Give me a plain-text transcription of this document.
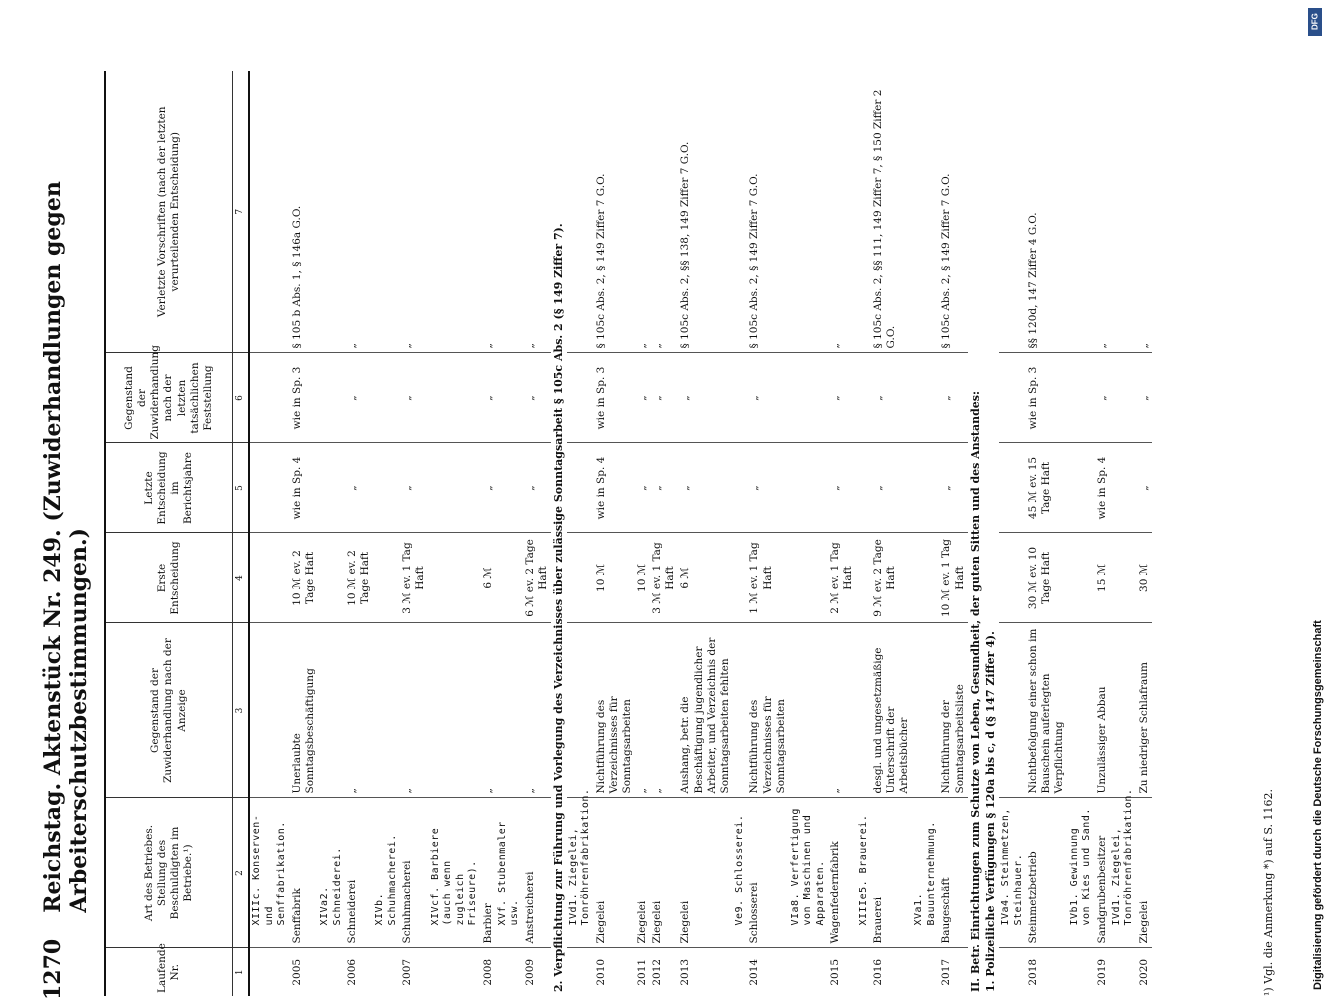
1270
Reichstag. Aktenstück Nr. 249. (Zuwiderhandlungen gegen Arbeiterschutzbestimmungen.)
Laufende Nr.	Art des Betriebes. Stellung des Beschuldigten im Betriebe.¹)	Gegenstand der Zuwiderhandlung nach der Anzeige	Erste Entscheidung	Letzte Entscheidung im Berichtsjahre	Gegenstand der Zuwiderhandlung nach der letzten tatsächlichen Feststellung	Verletzte Vorschriften (nach der letzten verurteilenden Entscheidung)
1	2	3	4	5	6	7
	XIIIc. Konserven- und Senffabrikation.					
2005	Senffabrik	Unerlaubte Sonntagsbeschäftigung	10 ℳ ev. 2 Tage Haft	wie in Sp. 4	wie in Sp. 3	§ 105 b Abs. 1, § 146a G.O.
	XIVa2. Schneiderei.					
2006	Schneiderei	„	10 ℳ ev. 2 Tage Haft	„	„	„
	XIVb. Schuhmacherei.					
2007	Schuhmacherei	„	3 ℳ ev. 1 Tag Haft	„	„	„
	XIVcf. Barbiere (auch wenn zugleich Friseure).					
2008	Barbier	„	6 ℳ	„	„	„
	XVf. Stubenmaler usw.					
2009	Anstreicherei	„	6 ℳ ev. 2 Tage Haft	„	„	„
2. Verpflichtung zur Führung und Vorlegung des Verzeichnisses über zulässige Sonntagsarbeit § 105c Abs. 2 (§ 149 Ziffer 7).						
	IVd1. Ziegelei, Tonröhrenfabrikation.					
2010	Ziegelei	Nichtführung des Verzeichnisses für Sonntagsarbeiten	10 ℳ	wie in Sp. 4	wie in Sp. 3	§ 105c Abs. 2, § 149 Ziffer 7 G.O.
2011	Ziegelei	„	10 ℳ	„	„	„
2012	Ziegelei	„	3 ℳ ev. 1 Tag Haft	„	„	„
2013	Ziegelei	Aushang, betr. die Beschäftigung jugendlicher Arbeiter, und Verzeichnis der Sonntagsarbeiten fehlten	6 ℳ	„	„	§ 105c Abs. 2, §§ 138, 149 Ziffer 7 G.O.
	Ve9. Schlosserei.					
2014	Schlosserei	Nichtführung des Verzeichnisses für Sonntagsarbeiten	1 ℳ ev. 1 Tag Haft	„	„	§ 105c Abs. 2, § 149 Ziffer 7 G.O.
	VIa8. Verfertigung von Maschinen und Apparaten.					
2015	Wagenfedernfabrik	„	2 ℳ ev. 1 Tag Haft	„	„	„
	XIIIe5. Brauerei.					
2016	Brauerei	desgl. und ungesetzmäßige Unterschrift der Arbeitsbücher	9 ℳ ev. 2 Tage Haft	„	„	§ 105c Abs. 2, §§ 111, 149 Ziffer 7, § 150 Ziffer 2 G.O.
	XVa1. Bauunternehmung.					
2017	Baugeschäft	Nichtführung der Sonntagsarbeitsliste	10 ℳ ev. 1 Tag Haft	„	„	§ 105c Abs. 2, § 149 Ziffer 7 G.O.
II. Betr. Einrichtungen zum Schutze von Leben, Gesundheit, der guten Sitten und des Anstandes:						
1. Polizeiliche Verfügungen § 120a bis c, d (§ 147 Ziffer 4).						
	IVa4. Steinmetzen, Steinhauer.					
2018	Steinmetzbetrieb	Nichtbefolgung einer schon im Bauschein auferlegten Verpflichtung	30 ℳ ev. 10 Tage Haft	45 ℳ ev. 15 Tage Haft	wie in Sp. 3	§§ 120d, 147 Ziffer 4 G.O.
	IVb1. Gewinnung von Kies und Sand.					
2019	Sandgrubenbesitzer	Unzulässiger Abbau	15 ℳ	wie in Sp. 4	„	„
	IVd1. Ziegelei, Tonröhrenfabrikation.					
2020	Ziegelei	Zu niedriger Schlafraum	30 ℳ	„	„	„
¹) Vgl. die Anmerkung *) auf S. 1162.
DFG
Digitalisierung gefördert durch die Deutsche Forschungsgemeinschaft
